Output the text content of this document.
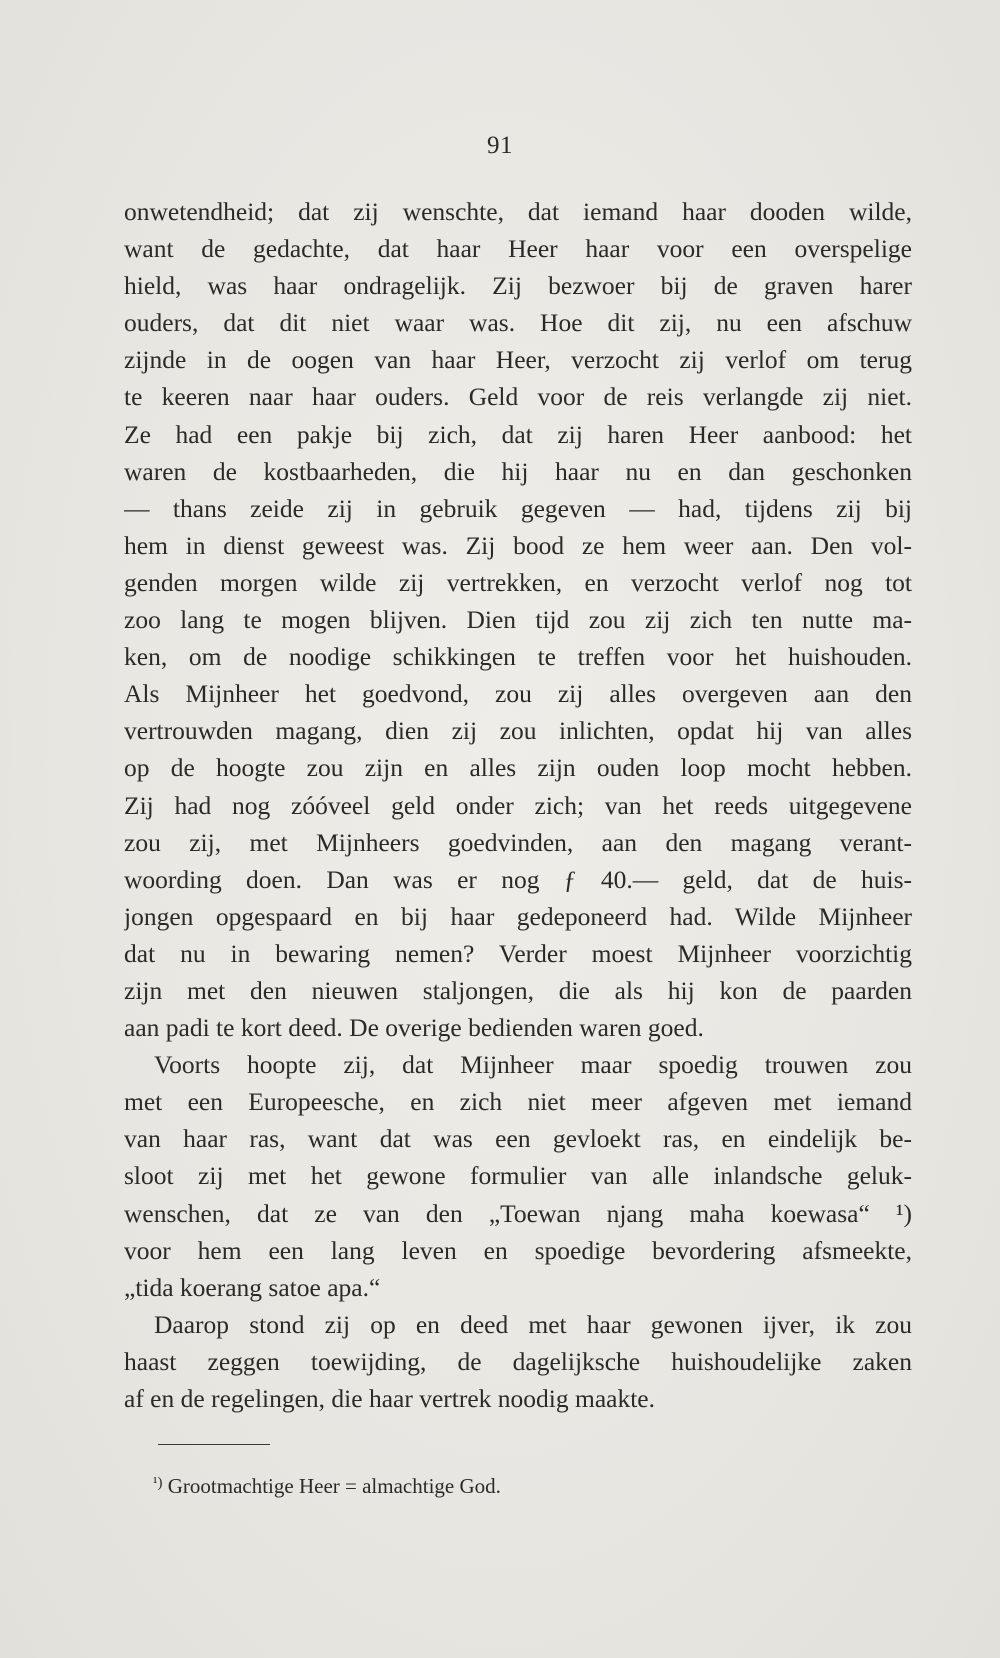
91
onwetendheid; dat zij wenschte, dat iemand haar dooden wilde,
want de gedachte, dat haar Heer haar voor een overspelige
hield, was haar ondragelijk. Zij bezwoer bij de graven harer
ouders, dat dit niet waar was. Hoe dit zij, nu een afschuw
zijnde in de oogen van haar Heer, verzocht zij verlof om terug
te keeren naar haar ouders. Geld voor de reis verlangde zij niet.
Ze had een pakje bij zich, dat zij haren Heer aanbood: het
waren de kostbaarheden, die hij haar nu en dan geschonken
— thans zeide zij in gebruik gegeven — had, tijdens zij bij
hem in dienst geweest was. Zij bood ze hem weer aan. Den vol-
genden morgen wilde zij vertrekken, en verzocht verlof nog tot
zoo lang te mogen blijven. Dien tijd zou zij zich ten nutte ma-
ken, om de noodige schikkingen te treffen voor het huishouden.
Als Mijnheer het goedvond, zou zij alles overgeven aan den
vertrouwden magang, dien zij zou inlichten, opdat hij van alles
op de hoogte zou zijn en alles zijn ouden loop mocht hebben.
Zij had nog zóóveel geld onder zich; van het reeds uitgegevene
zou zij, met Mijnheers goedvinden, aan den magang verant-
woording doen. Dan was er nog ƒ 40.— geld, dat de huis-
jongen opgespaard en bij haar gedeponeerd had. Wilde Mijnheer
dat nu in bewaring nemen? Verder moest Mijnheer voorzichtig
zijn met den nieuwen staljongen, die als hij kon de paarden
aan padi te kort deed. De overige bedienden waren goed.
Voorts hoopte zij, dat Mijnheer maar spoedig trouwen zou
met een Europeesche, en zich niet meer afgeven met iemand
van haar ras, want dat was een gevloekt ras, en eindelijk be-
sloot zij met het gewone formulier van alle inlandsche geluk-
wenschen, dat ze van den „Toewan njang maha koewasa“ ¹)
voor hem een lang leven en spoedige bevordering afsmeekte,
„tida koerang satoe apa.“
Daarop stond zij op en deed met haar gewonen ijver, ik zou
haast zeggen toewijding, de dagelijksche huishoudelijke zaken
af en de regelingen, die haar vertrek noodig maakte.
$^{^1)}$ Grootmachtige Heer = almachtige God.
